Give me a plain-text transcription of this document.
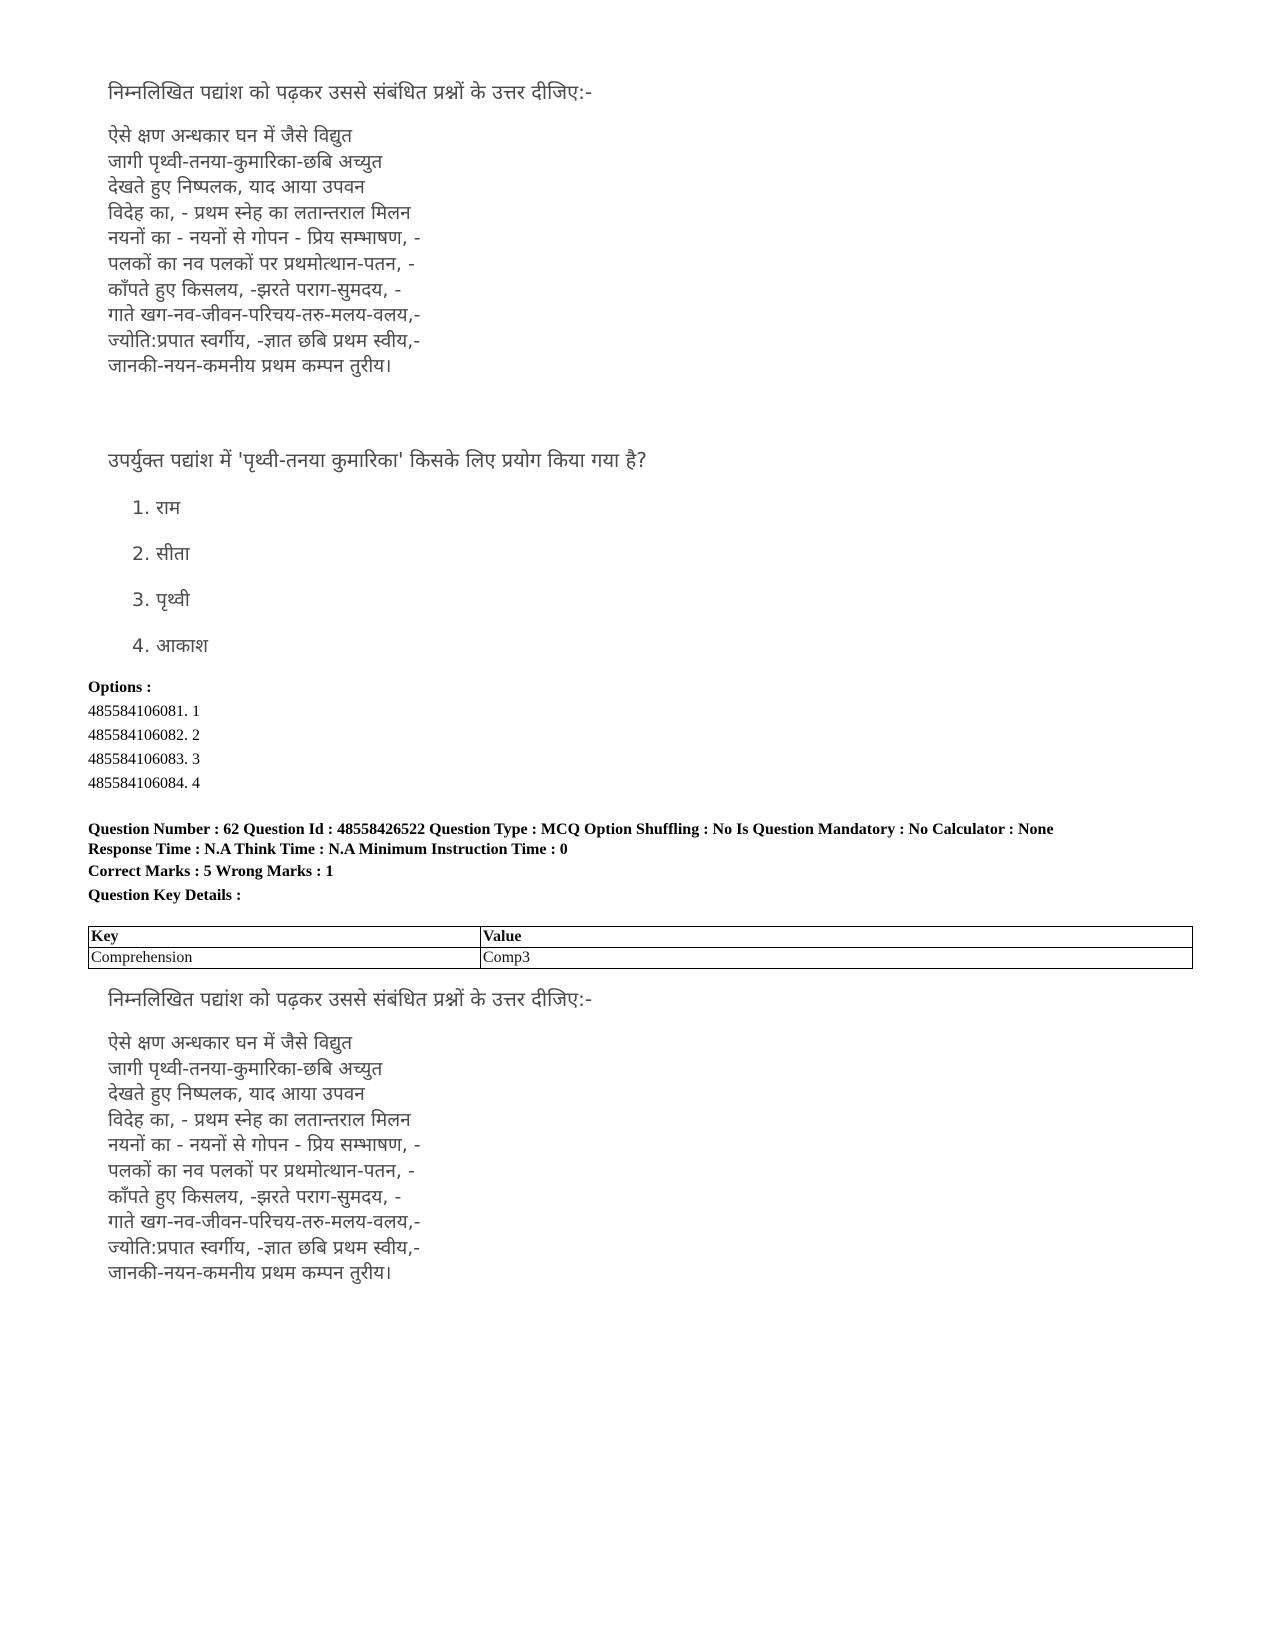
निम्नलिखित पद्यांश को पढ़कर उससे संबंधित प्रश्नों के उत्तर दीजिए:-
ऐसे क्षण अन्धकार घन में जैसे विद्युत
जागी पृथ्वी-तनया-कुमारिका-छबि अच्युत
देखते हुए निष्पलक, याद आया उपवन
विदेह का, - प्रथम स्नेह का लतान्तराल मिलन
नयनों का - नयनों से गोपन - प्रिय सम्भाषण, -
पलकों का नव पलकों पर प्रथमोत्थान-पतन, -
काँपते हुए किसलय, -झरते पराग-सुमदय, -
गाते खग-नव-जीवन-परिचय-तरु-मलय-वलय,-
ज्योति:प्रपात स्वर्गीय, -ज्ञात छबि प्रथम स्वीय,-
जानकी-नयन-कमनीय प्रथम कम्पन तुरीय।
उपर्युक्त पद्यांश में 'पृथ्वी-तनया कुमारिका' किसके लिए प्रयोग किया गया है?
1. राम
2. सीता
3. पृथ्वी
4. आकाश
Options :
485584106081. 1
485584106082. 2
485584106083. 3
485584106084. 4
Question Number : 62 Question Id : 48558426522 Question Type : MCQ Option Shuffling : No Is Question Mandatory : No Calculator : None
Response Time : N.A Think Time : N.A Minimum Instruction Time : 0
Correct Marks : 5 Wrong Marks : 1
Question Key Details :
Key	Value
Comprehension	Comp3
निम्नलिखित पद्यांश को पढ़कर उससे संबंधित प्रश्नों के उत्तर दीजिए:-
ऐसे क्षण अन्धकार घन में जैसे विद्युत
जागी पृथ्वी-तनया-कुमारिका-छबि अच्युत
देखते हुए निष्पलक, याद आया उपवन
विदेह का, - प्रथम स्नेह का लतान्तराल मिलन
नयनों का - नयनों से गोपन - प्रिय सम्भाषण, -
पलकों का नव पलकों पर प्रथमोत्थान-पतन, -
काँपते हुए किसलय, -झरते पराग-सुमदय, -
गाते खग-नव-जीवन-परिचय-तरु-मलय-वलय,-
ज्योति:प्रपात स्वर्गीय, -ज्ञात छबि प्रथम स्वीय,-
जानकी-नयन-कमनीय प्रथम कम्पन तुरीय।
